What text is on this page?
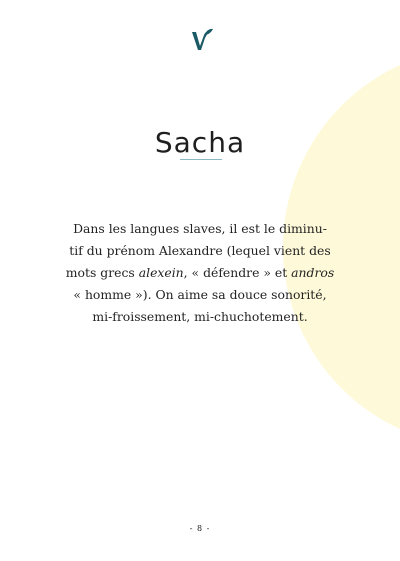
Sacha
Dans les langues slaves, il est le diminu-
tif du prénom Alexandre (lequel vient des
mots grecs alexein, « défendre » et andros
« homme »). On aime sa douce sonorité,
mi-froissement, mi-chuchotement.
- 8 -
